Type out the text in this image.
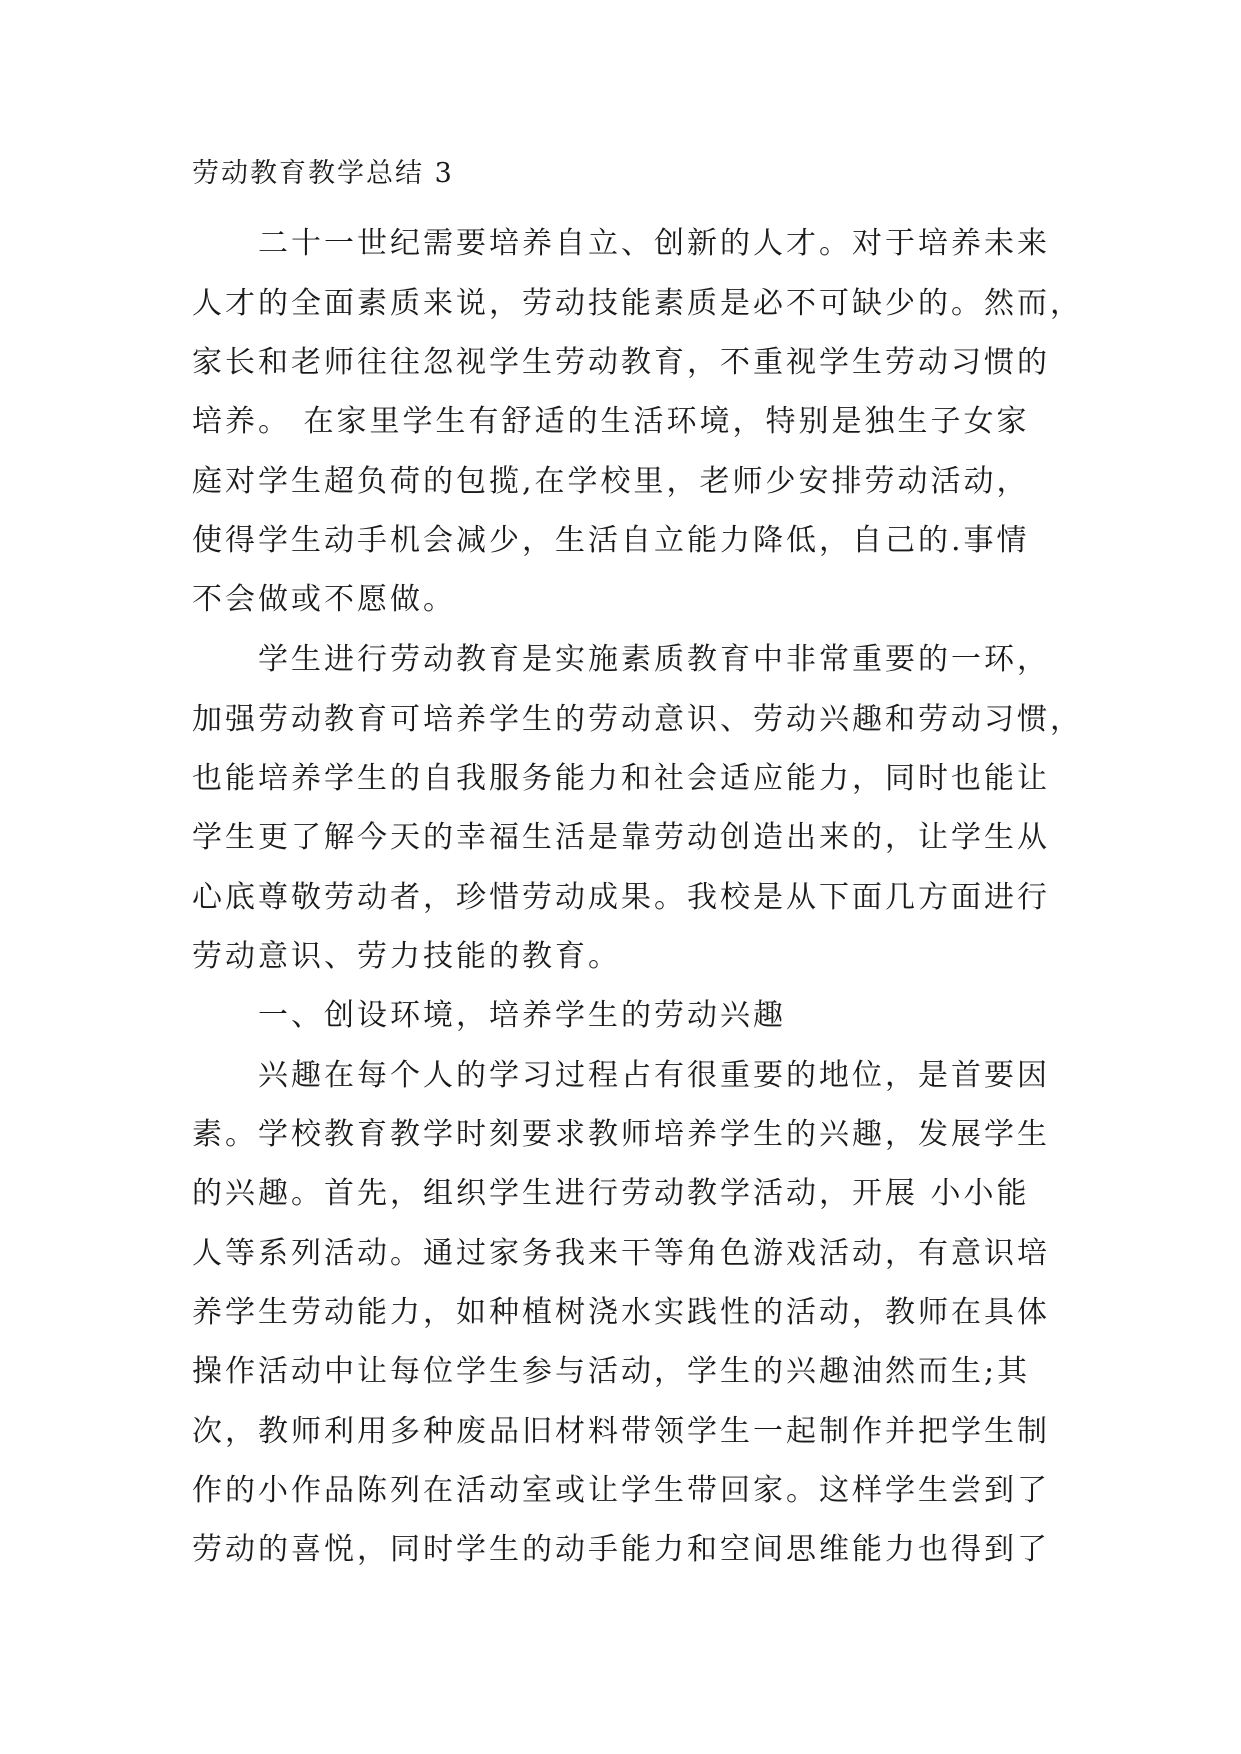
劳动教育教学总结 3
　　二十一世纪需要培养自立、创新的人才。对于培养未来
人才的全面素质来说，劳动技能素质是必不可缺少的。然而，
家长和老师往往忽视学生劳动教育，不重视学生劳动习惯的
培养。 在家里学生有舒适的生活环境，特别是独生子女家
庭对学生超负荷的包揽,在学校里，老师少安排劳动活动，
使得学生动手机会减少，生活自立能力降低，自己的.事情
不会做或不愿做。
　　学生进行劳动教育是实施素质教育中非常重要的一环，
加强劳动教育可培养学生的劳动意识、劳动兴趣和劳动习惯，
也能培养学生的自我服务能力和社会适应能力，同时也能让
学生更了解今天的幸福生活是靠劳动创造出来的，让学生从
心底尊敬劳动者，珍惜劳动成果。我校是从下面几方面进行
劳动意识、劳力技能的教育。
　　一、创设环境，培养学生的劳动兴趣
　　兴趣在每个人的学习过程占有很重要的地位，是首要因
素。学校教育教学时刻要求教师培养学生的兴趣，发展学生
的兴趣。首先，组织学生进行劳动教学活动，开展 小小能
人等系列活动。通过家务我来干等角色游戏活动，有意识培
养学生劳动能力，如种植树浇水实践性的活动，教师在具体
操作活动中让每位学生参与活动，学生的兴趣油然而生;其
次，教师利用多种废品旧材料带领学生一起制作并把学生制
作的小作品陈列在活动室或让学生带回家。这样学生尝到了
劳动的喜悦，同时学生的动手能力和空间思维能力也得到了
